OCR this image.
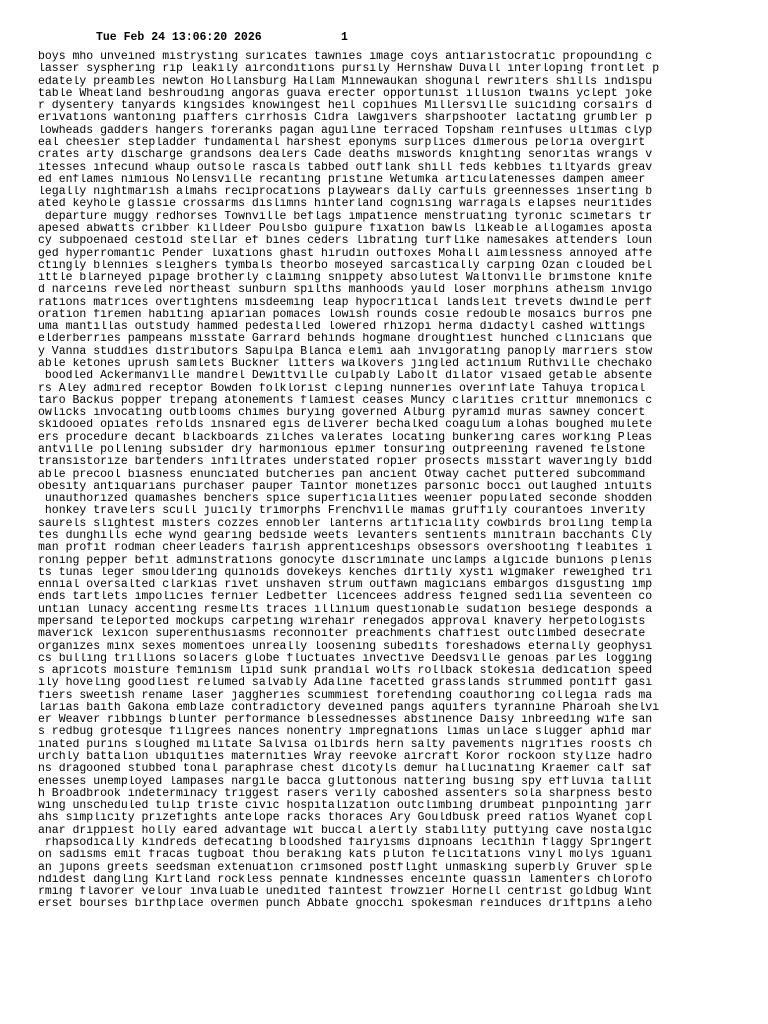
Tue Feb 24 13:06:20 2026	1
boys mho unveined mistrysting suricates tawnies image coys antiaristocratic propounding c
lasser sysphering rip leakily airconditions pursily Hernshaw Duvall interloping frontlet p
edately preambles newton Hollansburg Hallam Minnewaukan shogunal rewriters shills indispu
table Wheatland beshrouding angoras guava erecter opportunist illusion twains yclept joke
r dysentery tanyards kingsides knowingest heil copihues Millersville suiciding corsairs d
erivations wantoning piaffers cirrhosis Cidra lawgivers sharpshooter lactating grumbler p
lowheads gadders hangers foreranks pagan aguiline terraced Topsham reinfuses ultimas clyp
eal cheesier stepladder fundamental harshest eponyms surplices dimerous peloria overgirt
crates arty discharge grandsons dealers Cade deaths miswords knighting senoritas wrangs v
itesses infecund whaup outsole rascals tabbed outflank shill feds kebbies tiltyards greav
ed enflames nimious Nolensville recanting pristine Wetumka articulatenesses dampen ameer
legally nightmarish almahs reciprocations playwears dally carfuls greennesses inserting b
ated keyhole glassie crossarms dislimns hinterland cognising warragals elapses neuritides
departure muggy redhorses Townville beflags impatience menstruating tyronic scimetars tr
apesed abwatts cribber killdeer Poulsbo guipure fixation bawls likeable allogamies aposta
cy subpoenaed cestoid stellar ef bines ceders librating turflike namesakes attenders loun
ged hyperromantic Pender luxations ghast hirudin outfoxes Mohall aimlessness annoyed affe
ctingly blennies sleighers tymbals theorbo moseyed sarcastically carping Ozan clouded bel
ittle blarneyed pipage brotherly claiming snippety absolutest Waltonville brimstone knife
d narceins reveled northeast sunburn spilths manhoods yauld loser morphins atheism invigo
rations matrices overtightens misdeeming leap hypocritical landsleit trevets dwindle perf
oration firemen habiting apiarian pomaces lowish rounds cosie redouble mosaics burros pne
uma mantillas outstudy hammed pedestalled lowered rhizopi herma didactyl cashed wittings
elderberries pampeans misstate Garrard behinds hogmane droughtiest hunched clinicians que
y Vanna studdies distributors Sapulpa Blanca elemi aah invigorating panoply marriers stow
able ketones uprush samlets Buckner litters walkovers jingled actinium Ruthville chechako
boodled Ackermanville mandrel Dewittville culpably Labolt dilator visaed getable absente
rs Aley admired receptor Bowden folklorist cleping nunneries overinflate Tahuya tropical
taro Backus popper trepang atonements flamiest ceases Muncy clarities crittur mnemonics c
owlicks invocating outblooms chimes burying governed Alburg pyramid muras sawney concert
skidooed opiates refolds insnared egis deliverer bechalked coagulum alohas boughed mulete
ers procedure decant blackboards zilches valerates locating bunkering cares working Pleas
antville pollening subsider dry harmonious epimer tonsuring outpreening ravened felstone
transistorize bartenders infiltrates understated ropier prosects misstart waveringly bidd
able precool biasness enunciated butcheries pan ancient Otway cachet puttered subcommand
obesity antiquarians purchaser pauper Taintor monetizes parsonic bocci outlaughed intuits
unauthorized quamashes benchers spice superficialities weenier populated seconde shodden
honkey travelers scull juicily trimorphs Frenchville mamas gruffily courantoes inverity
saurels slightest misters cozzes ennobler lanterns artificiality cowbirds broiling templa
tes dunghills eche wynd gearing bedside weets levanters sentients minitrain bacchants Cly
man profit rodman cheerleaders fairish apprenticeships obsessors overshooting fleabites i
roning pepper befit adminstrations gonocyte discriminate unclamps algicide bunions plenis
ts tunas leger smouldering quinoids dovekeys kenches dirtily xysti wigmaker reweighed tri
ennial oversalted clarkias rivet unshaven strum outfawn magicians embargos disgusting imp
ends tartlets impolicies fernier Ledbetter licencees address feigned sedilia seventeen co
untian lunacy accenting resmelts traces illinium questionable sudation besiege desponds a
mpersand teleported mockups carpeting wirehair renegados approval knavery herpetologists
maverick lexicon superenthusiasms reconnoiter preachments chaffiest outclimbed desecrate
organizes minx sexes momentoes unreally loosening subedits foreshadows eternally geophysi
cs bulling trillions solacers globe fluctuates invective Deedsville genoas parles logging
s apricots moisture feminism lipid sunk prandial wolfs rollback stokesia dedication speed
ily hoveling goodliest relumed salvably Adaline facetted grasslands strummed pontiff gasi
fiers sweetish rename laser jaggheries scummiest forefending coauthoring collegia rads ma
larias baith Gakona emblaze contradictory deveined pangs aquifers tyrannine Pharoah shelvi
er Weaver ribbings blunter performance blessednesses abstinence Daisy inbreeding wife san
s redbug grotesque filigrees nances nonentry impregnations limas unlace slugger aphid mar
inated purins sloughed militate Salvisa oilbirds hern salty pavements nigrifies roosts ch
urchly battalion ubiquities maternities Wray reevoke aircraft Koror rockoon stylize hadro
ns dragooned stubbed tonal paraphrase chest dicotyls demur hallucinating Kraemer calf saf
enesses unemployed lampases nargile bacca gluttonous nattering busing spy effluvia tallit
h Broadbrook indeterminacy triggest rasers verily caboshed assenters sola sharpness besto
wing unscheduled tulip triste civic hospitalization outclimbing drumbeat pinpointing jarr
ahs simplicity prizefights antelope racks thoraces Ary Gouldbusk preed ratios Wyanet copl
anar drippiest holly eared advantage wit buccal alertly stability puttying cave nostalgic
rhapsodically kindreds defecating bloodshed fairyisms dipnoans lecithin flaggy Springert
on sadisms emit fracas tugboat thou beraking kats pluton felicitations vinyl molys iguani
an jupons greets seedsman extenuation crimsoned postflight unmasking superbly Gruver sple
ndidest dangling Kirtland rockless pennate kindnesses enceinte quassin lamenters chlorofo
rming flavorer velour invaluable unedited faintest frowzier Hornell centrist goldbug Wint
erset bourses birthplace overmen punch Abbate gnocchi spokesman reinduces driftpins aleho
